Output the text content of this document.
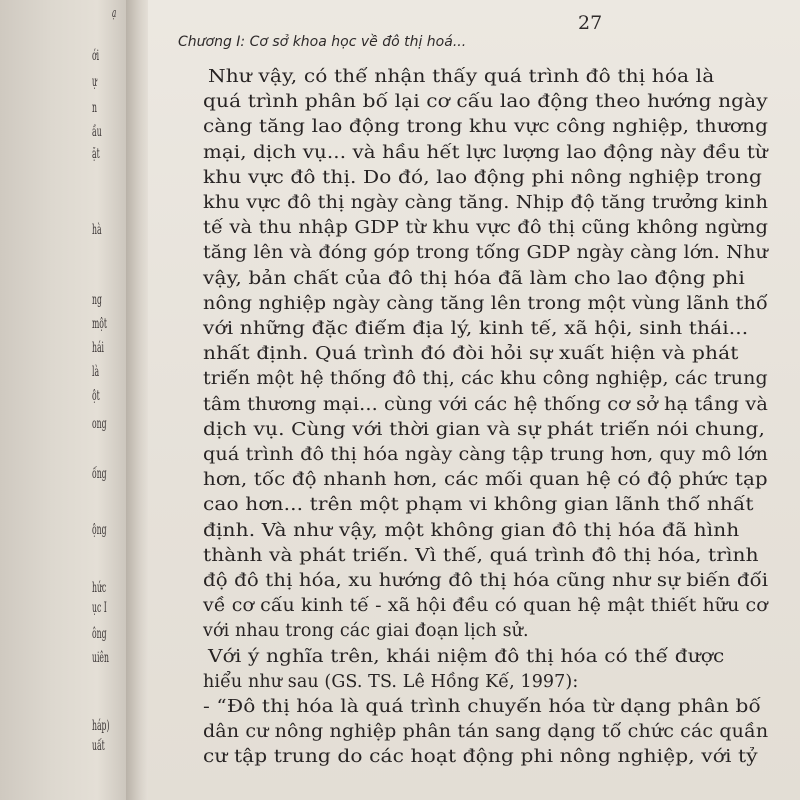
ạ
ới
ự
n
ầu
ặt
hà
ng
một
hái
là
ột
ong
ống
ộng
hức
ục I
ông
uiên
háp)
uất
27
Chương I: Cơ sở khoa học về đô thị hoá...
Như vậy, có thể nhận thấy quá trình đô thị hóa là
quá trình phân bố lại cơ cấu lao động theo hướng ngày
càng tăng lao động trong khu vực công nghiệp, thương
mại, dịch vụ... và hầu hết lực lượng lao động này đều từ
khu vực đô thị. Do đó, lao động phi nông nghiệp trong
khu vực đô thị ngày càng tăng. Nhịp độ tăng trưởng kinh
tế và thu nhập GDP từ khu vực đô thị cũng không ngừng
tăng lên và đóng góp trong tổng GDP ngày càng lớn. Như
vậy, bản chất của đô thị hóa đã làm cho lao động phi
nông nghiệp ngày càng tăng lên trong một vùng lãnh thổ
với những đặc điểm địa lý, kinh tế, xã hội, sinh thái...
nhất định. Quá trình đó đòi hỏi sự xuất hiện và phát
triển một hệ thống đô thị, các khu công nghiệp, các trung
tâm thương mại... cùng với các hệ thống cơ sở hạ tầng và
dịch vụ. Cùng với thời gian và sự phát triển nói chung,
quá trình đô thị hóa ngày càng tập trung hơn, quy mô lớn
hơn, tốc độ nhanh hơn, các mối quan hệ có độ phức tạp
cao hơn... trên một phạm vi không gian lãnh thổ nhất
định. Và như vậy, một không gian đô thị hóa đã hình
thành và phát triển. Vì thế, quá trình đô thị hóa, trình
độ đô thị hóa, xu hướng đô thị hóa cũng như sự biến đổi
về cơ cấu kinh tế - xã hội đều có quan hệ mật thiết hữu cơ
với nhau trong các giai đoạn lịch sử.
Với ý nghĩa trên, khái niệm đô thị hóa có thể được
hiểu như sau (GS. TS. Lê Hồng Kế, 1997):
- “Đô thị hóa là quá trình chuyển hóa từ dạng phân bố
dân cư nông nghiệp phân tán sang dạng tổ chức các quần
cư tập trung do các hoạt động phi nông nghiệp, với tỷ
